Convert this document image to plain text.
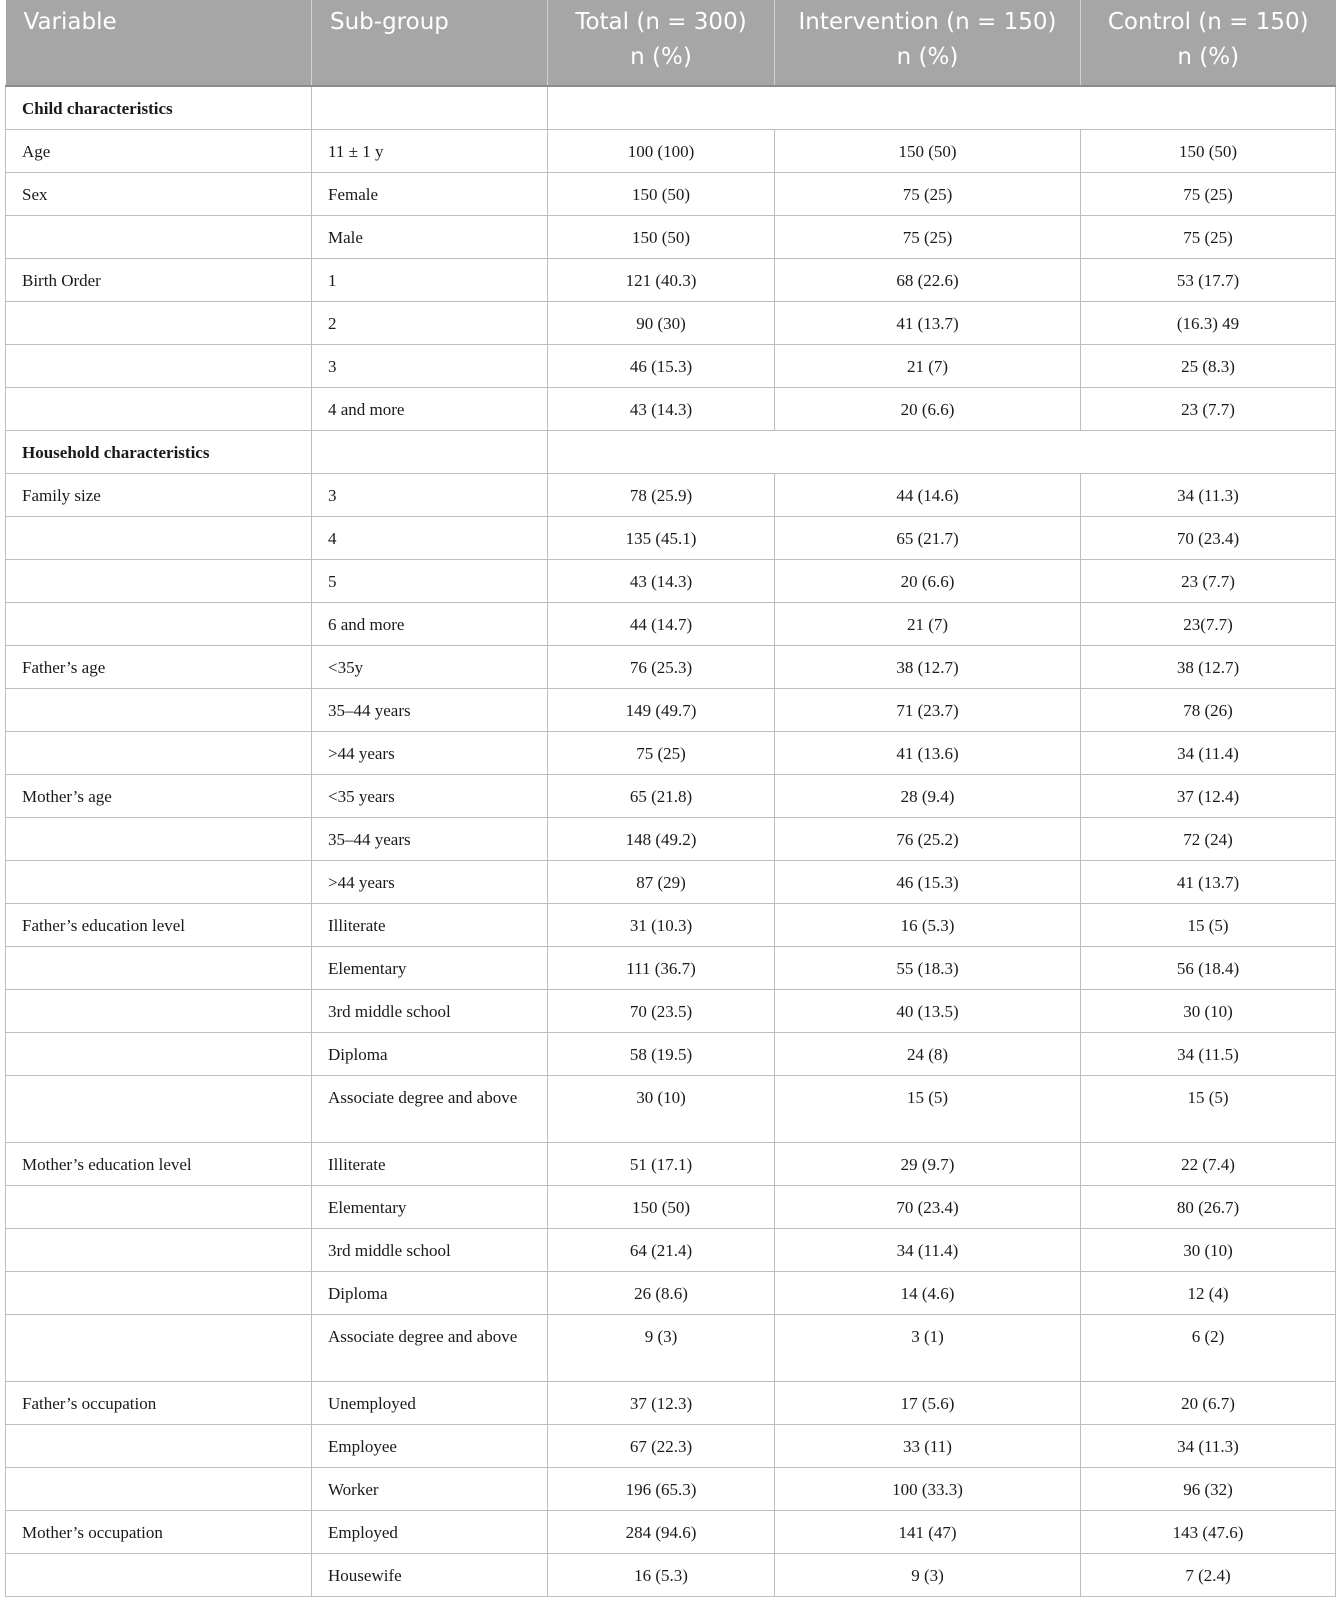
Variable	Sub-group	Total (n = 300)	Intervention (n = 150)	Control (n = 150)
		n (%)	n (%)	n (%)
Child characteristics				
Age	11 ± 1 y	100 (100)	150 (50)	150 (50)
Sex	Female	150 (50)	75 (25)	75 (25)
	Male	150 (50)	75 (25)	75 (25)
Birth Order	1	121 (40.3)	68 (22.6)	53 (17.7)
	2	90 (30)	41 (13.7)	(16.3) 49
	3	46 (15.3)	21 (7)	25 (8.3)
	4 and more	43 (14.3)	20 (6.6)	23 (7.7)
Household characteristics				
Family size	3	78 (25.9)	44 (14.6)	34 (11.3)
	4	135 (45.1)	65 (21.7)	70 (23.4)
	5	43 (14.3)	20 (6.6)	23 (7.7)
	6 and more	44 (14.7)	21 (7)	23(7.7)
Father’s age	<35y	76 (25.3)	38 (12.7)	38 (12.7)
	35–44 years	149 (49.7)	71 (23.7)	78 (26)
	>44 years	75 (25)	41 (13.6)	34 (11.4)
Mother’s age	<35 years	65 (21.8)	28 (9.4)	37 (12.4)
	35–44 years	148 (49.2)	76 (25.2)	72 (24)
	>44 years	87 (29)	46 (15.3)	41 (13.7)
Father’s education level	Illiterate	31 (10.3)	16 (5.3)	15 (5)
	Elementary	111 (36.7)	55 (18.3)	56 (18.4)
	3rd middle school	70 (23.5)	40 (13.5)	30 (10)
	Diploma	58 (19.5)	24 (8)	34 (11.5)
	Associate degree and above	30 (10)	15 (5)	15 (5)
Mother’s education level	Illiterate	51 (17.1)	29 (9.7)	22 (7.4)
	Elementary	150 (50)	70 (23.4)	80 (26.7)
	3rd middle school	64 (21.4)	34 (11.4)	30 (10)
	Diploma	26 (8.6)	14 (4.6)	12 (4)
	Associate degree and above	9 (3)	3 (1)	6 (2)
Father’s occupation	Unemployed	37 (12.3)	17 (5.6)	20 (6.7)
	Employee	67 (22.3)	33 (11)	34 (11.3)
	Worker	196 (65.3)	100 (33.3)	96 (32)
Mother’s occupation	Employed	284 (94.6)	141 (47)	143 (47.6)
	Housewife	16 (5.3)	9 (3)	7 (2.4)
